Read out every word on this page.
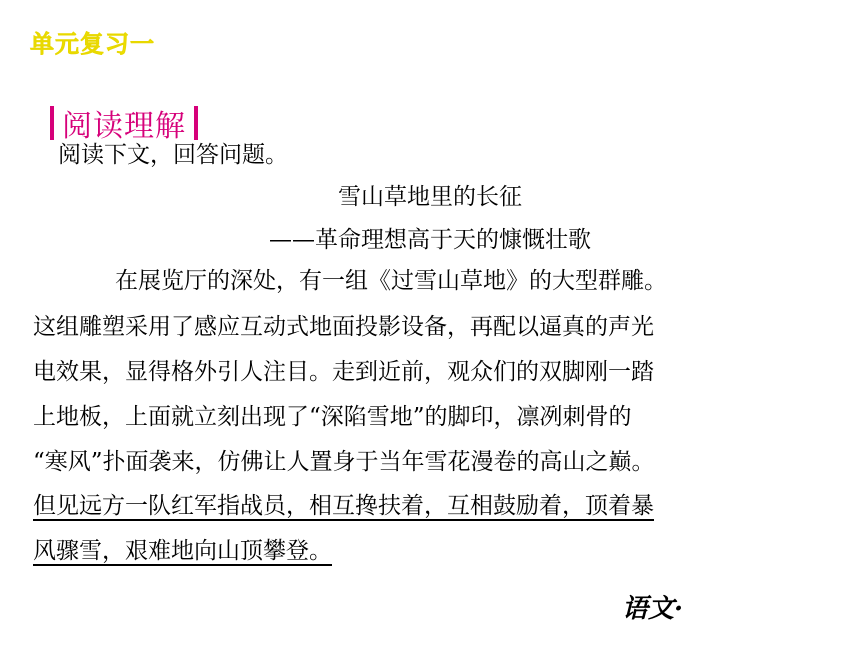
单元复习一
阅读理解
阅读下文，回答问题。
雪山草地里的长征
——革命理想高于天的慷慨壮歌
在展览厅的深处，有一组《过雪山草地》的大型群雕。
这组雕塑采用了感应互动式地面投影设备，再配以逼真的声光
电效果，显得格外引人注目。走到近前，观众们的双脚刚一踏
上地板，上面就立刻出现了“深陷雪地”的脚印，凛冽刺骨的
“寒风”扑面袭来，仿佛让人置身于当年雪花漫卷的高山之巅。
但见远方一队红军指战员，相互搀扶着，互相鼓励着，顶着暴
风骤雪，艰难地向山顶攀登。
语文·
